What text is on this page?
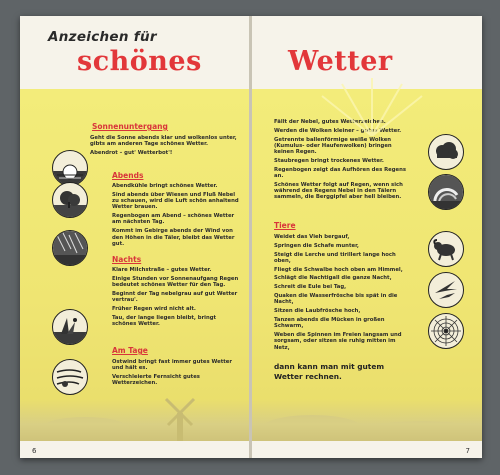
Anzeichen für
schönes
Sonnenuntergang

Geht die Sonne abends klar und wolkenlos unter, gibts am anderen Tage schönes Wetter.

Abendrot – gut' Wetterbot'!

Abends

Abendkühle bringt schönes Wetter.

Sind abends über Wiesen und Fluß Nebel zu schauen, wird die Luft schön anhaltend Wetter brauen.

Regenbogen am Abend – schönes Wetter am nächsten Tag.

Kommt im Gebirge abends der Wind von den Höhen in die Täler, bleibt das Wetter gut.

Nachts

Klare Milchstraße – gutes Wetter.

Einige Stunden vor Sonnenaufgang Regen bedeutet schönes Wetter für den Tag.

Beginnt der Tag nebelgrau auf gut Wetter vertrau'.

Früher Regen wird nicht alt.

Tau, der lange liegen bleibt, bringt schönes Wetter.

Am Tage

Ostwind bringt fast immer gutes Wetter und hält es.

Verschleierte Fernsicht gutes Wetterzeichen.

6
Wetter

Fällt der Nebel, gutes Wetterzeichen.

Werden die Wolken kleiner – gutes Wetter.

Getrennte ballenförmige weiße Wolken (Kumulus- oder Haufenwolken) bringen keinen Regen.

Staubregen bringt trockenes Wetter.

Regenbogen zeigt das Aufhören des Regens an.

Schönes Wetter folgt auf Regen, wenn sich während des Regens Nebel in den Tälern sammeln, die Berggipfel aber hell bleiben.

Tiere

Weidet das Vieh bergauf,

Springen die Schafe munter,

Steigt die Lerche und tirillert lange hoch oben,

Fliegt die Schwalbe hoch oben am Himmel,

Schlägt die Nachtigall die ganze Nacht,

Schreit die Eule bei Tag,

Quaken die Wasserfrösche bis spät in die Nacht,

Sitzen die Laubfrösche hoch,

Tanzen abends die Mücken in großen Schwarm,

Weben die Spinnen im Freien langsam und sorgsam, oder sitzen sie ruhig mitten im Netz,

dann kann man mit gutem
Wetter rechnen.
7
